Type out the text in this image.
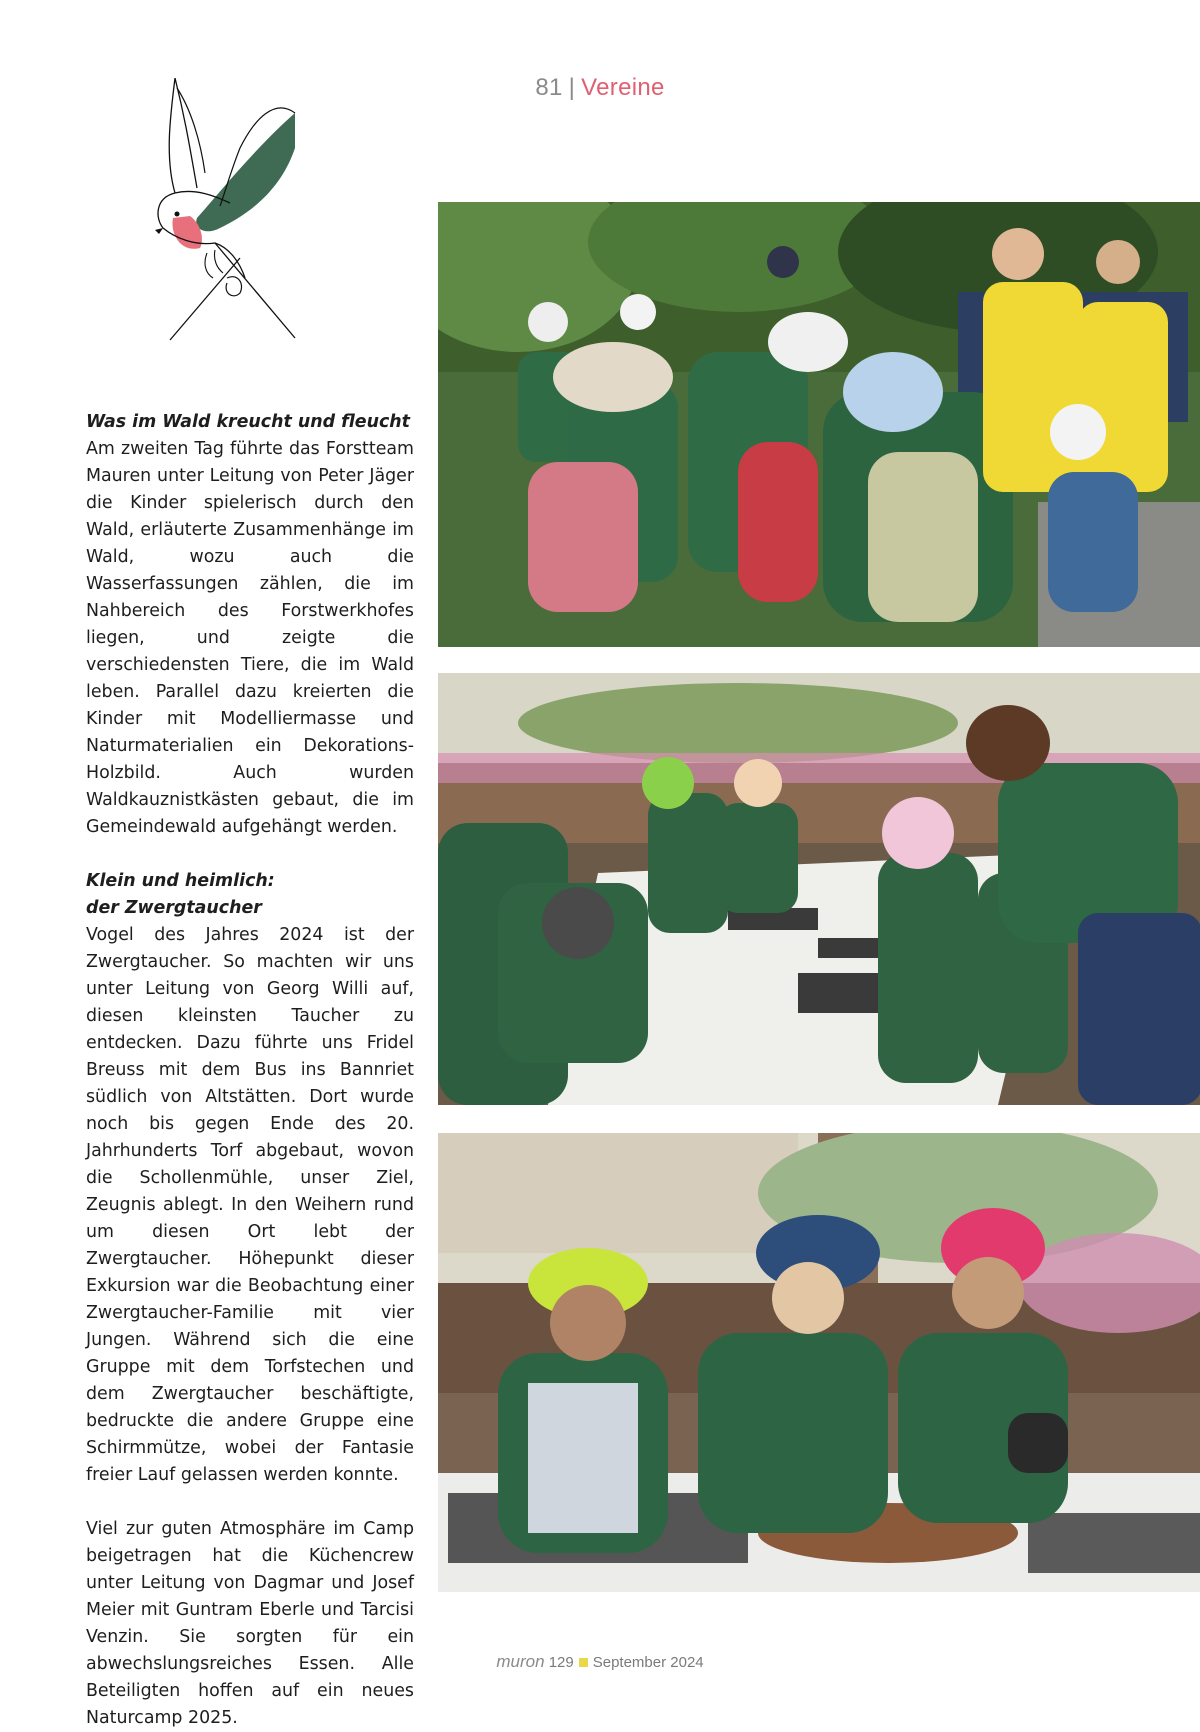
81 | Vereine
Was im Wald kreucht und fleucht

Am zweiten Tag führte das Forstteam Mauren unter Leitung von Peter Jäger die Kinder spielerisch durch den Wald, erläuterte Zusammenhänge im Wald, wozu auch die Wasserfassungen zählen, die im Nahbereich des Forstwerkhofes liegen, und zeigte die verschiedensten Tiere, die im Wald leben. Parallel dazu kreierten die Kinder mit Modelliermasse und Naturmaterialien ein Dekorations-Holzbild. Auch wurden Waldkauznistkästen gebaut, die im Gemeindewald aufgehängt werden.

Klein und heimlich:
der Zwergtaucher

Vogel des Jahres 2024 ist der Zwergtaucher. So machten wir uns unter Leitung von Georg Willi auf, diesen kleinsten Taucher zu entdecken. Dazu führte uns Fridel Breuss mit dem Bus ins Bannriet südlich von Altstätten. Dort wurde noch bis gegen Ende des 20. Jahrhunderts Torf abgebaut, wovon die Schollenmühle, unser Ziel, Zeugnis ablegt. In den Weihern rund um diesen Ort lebt der Zwergtaucher. Höhepunkt dieser Exkursion war die Beobachtung einer Zwergtaucher-Familie mit vier Jungen. Während sich die eine Gruppe mit dem Torfstechen und dem Zwergtaucher beschäftigte, bedruckte die andere Gruppe eine Schirmmütze, wobei der Fantasie freier Lauf gelassen werden konnte.

Viel zur guten Atmosphäre im Camp beigetragen hat die Küchencrew unter Leitung von Dagmar und Josef Meier mit Guntram Eberle und Tarcisi Venzin. Sie sorgten für ein abwechslungsreiches Essen. Alle Beteiligten hoffen auf ein neues Naturcamp 2025.

muron 129 September 2024
